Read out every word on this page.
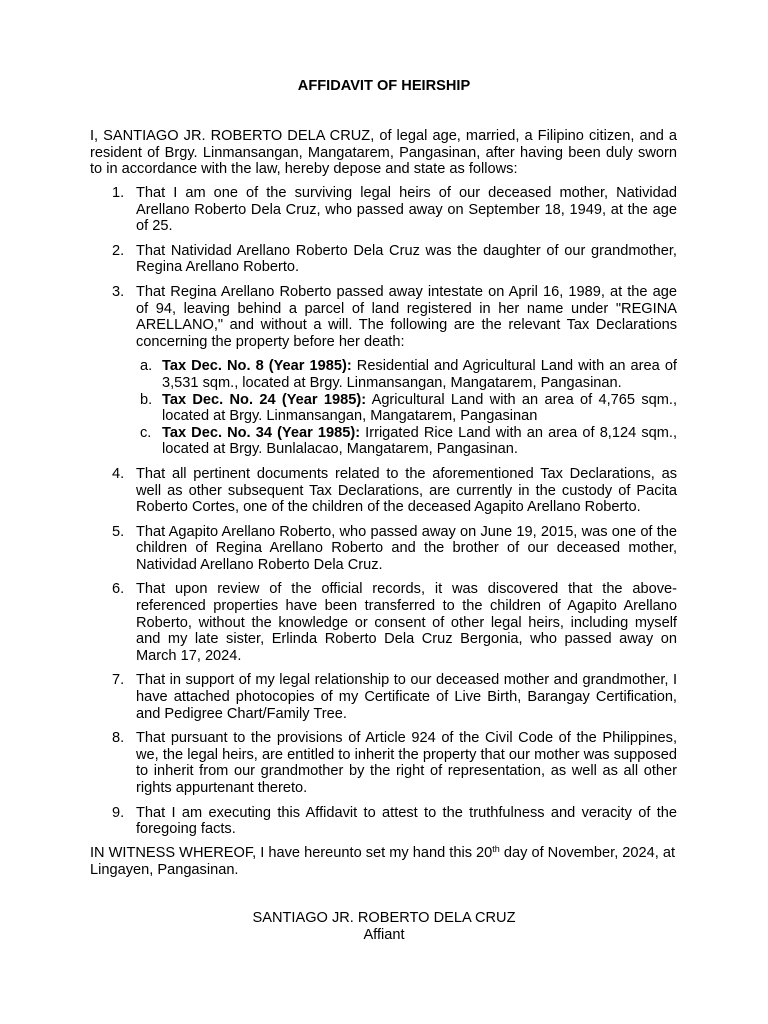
AFFIDAVIT OF HEIRSHIP
I, SANTIAGO JR. ROBERTO DELA CRUZ, of legal age, married, a Filipino citizen, and a resident of Brgy. Linmansangan, Mangatarem, Pangasinan, after having been duly sworn to in accordance with the law, hereby depose and state as follows:
1. That I am one of the surviving legal heirs of our deceased mother, Natividad Arellano Roberto Dela Cruz, who passed away on September 18, 1949, at the age of 25.
2. That Natividad Arellano Roberto Dela Cruz was the daughter of our grandmother, Regina Arellano Roberto.
3. That Regina Arellano Roberto passed away intestate on April 16, 1989, at the age of 94, leaving behind a parcel of land registered in her name under "REGINA ARELLANO," and without a will. The following are the relevant Tax Declarations concerning the property before her death:
a. Tax Dec. No. 8 (Year 1985): Residential and Agricultural Land with an area of 3,531 sqm., located at Brgy. Linmansangan, Mangatarem, Pangasinan.
b. Tax Dec. No. 24 (Year 1985): Agricultural Land with an area of 4,765 sqm., located at Brgy. Linmansangan, Mangatarem, Pangasinan
c. Tax Dec. No. 34 (Year 1985): Irrigated Rice Land with an area of 8,124 sqm., located at Brgy. Bunlalacao, Mangatarem, Pangasinan.
4. That all pertinent documents related to the aforementioned Tax Declarations, as well as other subsequent Tax Declarations, are currently in the custody of Pacita Roberto Cortes, one of the children of the deceased Agapito Arellano Roberto.
5. That Agapito Arellano Roberto, who passed away on June 19, 2015, was one of the children of Regina Arellano Roberto and the brother of our deceased mother, Natividad Arellano Roberto Dela Cruz.
6. That upon review of the official records, it was discovered that the above-referenced properties have been transferred to the children of Agapito Arellano Roberto, without the knowledge or consent of other legal heirs, including myself and my late sister, Erlinda Roberto Dela Cruz Bergonia, who passed away on March 17, 2024.
7. That in support of my legal relationship to our deceased mother and grandmother, I have attached photocopies of my Certificate of Live Birth, Barangay Certification, and Pedigree Chart/Family Tree.
8. That pursuant to the provisions of Article 924 of the Civil Code of the Philippines, we, the legal heirs, are entitled to inherit the property that our mother was supposed to inherit from our grandmother by the right of representation, as well as all other rights appurtenant thereto.
9. That I am executing this Affidavit to attest to the truthfulness and veracity of the foregoing facts.
IN WITNESS WHEREOF, I have hereunto set my hand this 20th day of November, 2024, at Lingayen, Pangasinan.
SANTIAGO JR. ROBERTO DELA CRUZ
Affiant
